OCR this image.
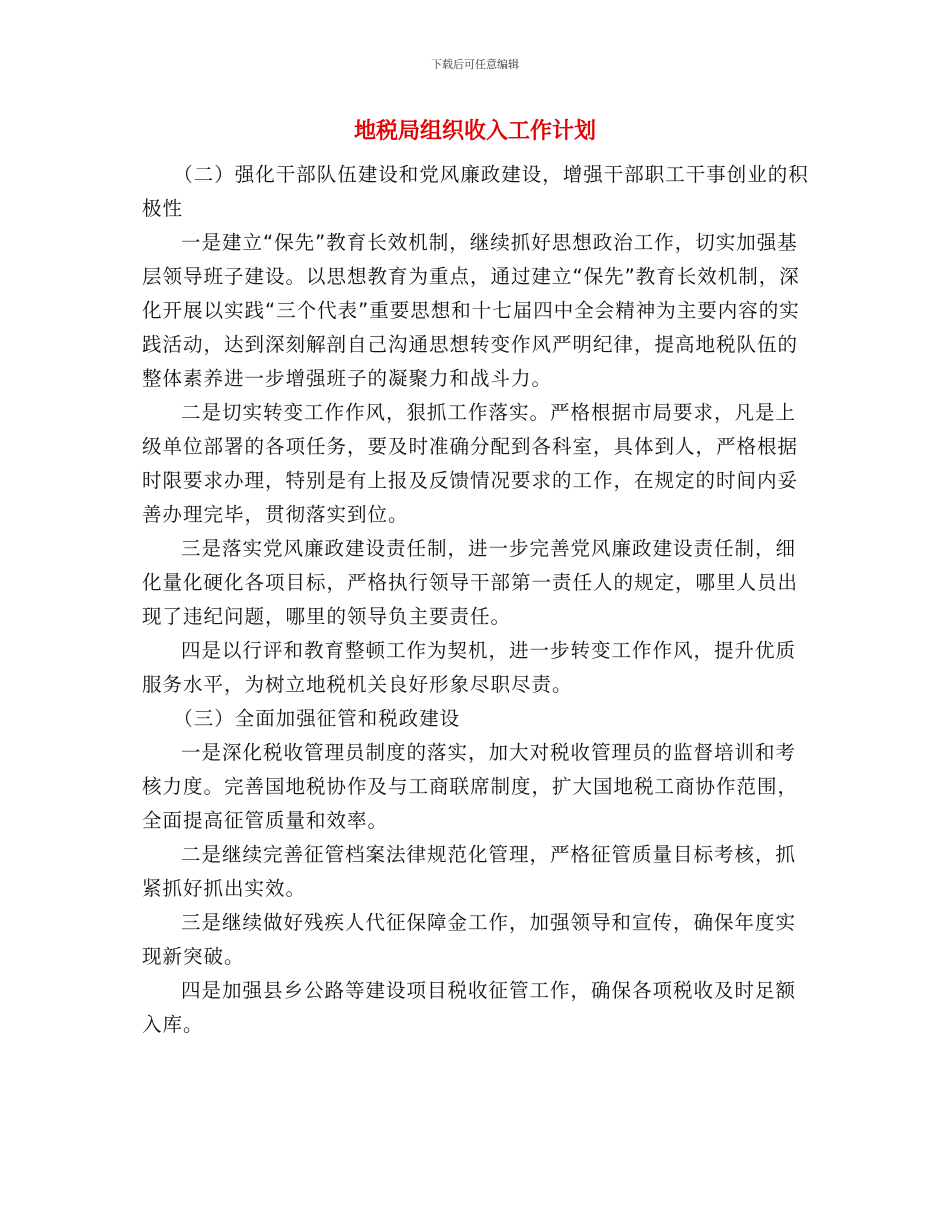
下载后可任意编辑
地税局组织收入工作计划

（二）强化干部队伍建设和党风廉政建设，增强干部职工干事创业的积极性

一是建立“保先”教育长效机制，继续抓好思想政治工作，切实加强基层领导班子建设。以思想教育为重点，通过建立“保先”教育长效机制，深化开展以实践“三个代表”重要思想和十七届四中全会精神为主要内容的实践活动，达到深刻解剖自己沟通思想转变作风严明纪律，提高地税队伍的整体素养进一步增强班子的凝聚力和战斗力。

二是切实转变工作作风，狠抓工作落实。严格根据市局要求，凡是上级单位部署的各项任务，要及时准确分配到各科室，具体到人，严格根据时限要求办理，特别是有上报及反馈情况要求的工作，在规定的时间内妥善办理完毕，贯彻落实到位。

三是落实党风廉政建设责任制，进一步完善党风廉政建设责任制，细化量化硬化各项目标，严格执行领导干部第一责任人的规定，哪里人员出现了违纪问题，哪里的领导负主要责任。

四是以行评和教育整顿工作为契机，进一步转变工作作风，提升优质服务水平，为树立地税机关良好形象尽职尽责。

（三）全面加强征管和税政建设

一是深化税收管理员制度的落实，加大对税收管理员的监督培训和考核力度。完善国地税协作及与工商联席制度，扩大国地税工商协作范围，全面提高征管质量和效率。

二是继续完善征管档案法律规范化管理，严格征管质量目标考核，抓紧抓好抓出实效。

三是继续做好残疾人代征保障金工作，加强领导和宣传，确保年度实现新突破。

四是加强县乡公路等建设项目税收征管工作，确保各项税收及时足额入库。
